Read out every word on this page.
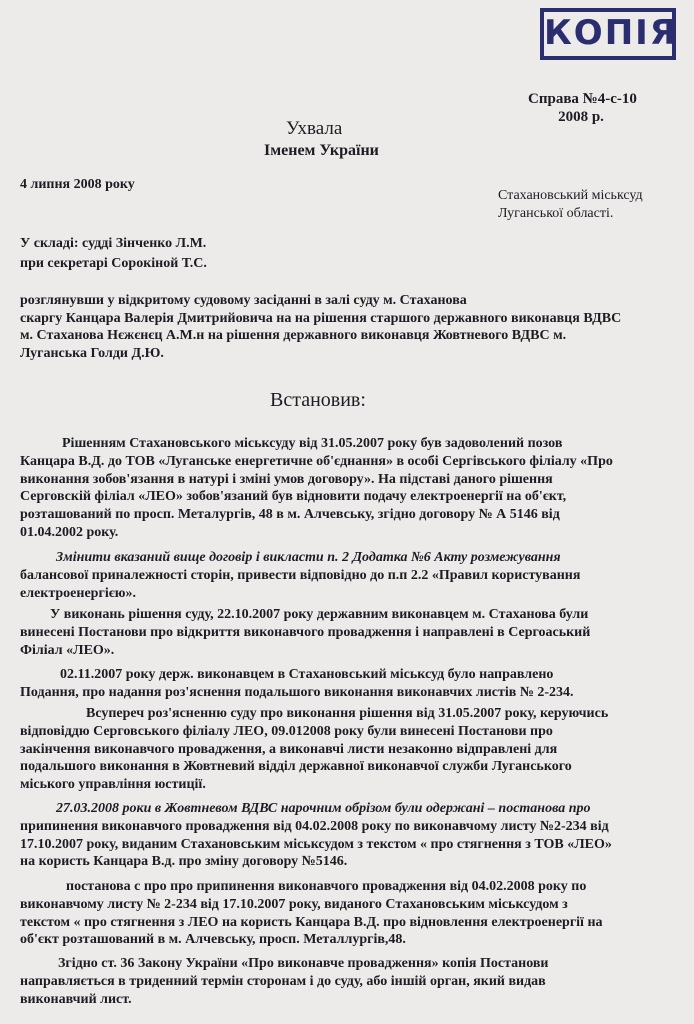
КОПІЯ
Справа №4-с-10
2008 р.
Ухвала
Іменем України
4 липня 2008 року
Стахановський міськсуд
Луганської області.
У складі: судді Зінченко Л.М.
при секретарі Сорокіной Т.С.

розглянувши у відкритому судовому засіданні в залі суду м. Стаханова

скаргу Канцара Валерія Дмитрийовича на на рішення старшого державного виконавця ВДВС

м. Стаханова Нєжєнєц А.М.н на рішення державного виконавця Жовтневого ВДВС м.

Луганська Голди Д.Ю.

Встановив:

Рішенням Стахановського міськсуду від 31.05.2007 року був задоволений позов

Канцара В.Д. до ТОВ «Луганське енергетичне об'єднання» в особі Сергівського філіалу «Про

виконання зобов'язання в натурі і зміні умов договору». На підставі даного рішення

Серговскій філіал «ЛЕО» зобов'язаний був відновити подачу електроенергії на об'єкт,

розташований по просп. Металургів, 48 в м. Алчевську, згідно договору № А 5146 від

01.04.2002 року.

Змінити вказаний вище договір і викласти п. 2 Додатка №6 Акту розмежування

балансової приналежності сторін, привести відповідно до п.п 2.2 «Правил користування

електроенергією».

У виконань рішення суду, 22.10.2007 року державним виконавцем м. Стаханова були

винесені Постанови про відкриття виконавчого провадження і направлені в Сергоаський

Філіал «ЛЕО».

02.11.2007 року держ. виконавцем в Стахановський міськсуд було направлено

Подання, про надання роз'яснення подальшого виконання виконавчих листів № 2-234.

Всупереч роз'ясненню суду про виконання рішення від 31.05.2007 року, керуючись

відповіддю Серговського філіалу ЛЕО, 09.012008 року були винесені Постанови про

закінчення виконавчого провадження, а виконавчі листи незаконно відправлені для

подальшого виконання в Жовтневий відділ державної виконавчої служби Луганського

міського управління юстиції.

27.03.2008 роки в Жовтневом ВДВС нарочним обрізом були одержані – постанова про

припинення виконавчого провадження від 04.02.2008 року по виконавчому листу №2-234 від

17.10.2007 року, виданим Стахановським міськсудом з текстом « про стягнення з ТОВ «ЛЕО»

на користь Канцара В.д. про зміну договору №5146.

постанова с про про припинення виконавчого провадження від 04.02.2008 року по

виконавчому листу № 2-234 від 17.10.2007 року, виданого Стахановським міськсудом з

текстом « про стягнення з ЛЕО на користь Канцара В.Д. про відновлення електроенергії на

об'єкт розташований в м. Алчевську, просп. Металлургів,48.

Згідно ст. 36 Закону України «Про виконавче провадження» копія Постанови

направляється в триденний термін сторонам і до суду, або іншій орган, який видав

виконавчий лист.
